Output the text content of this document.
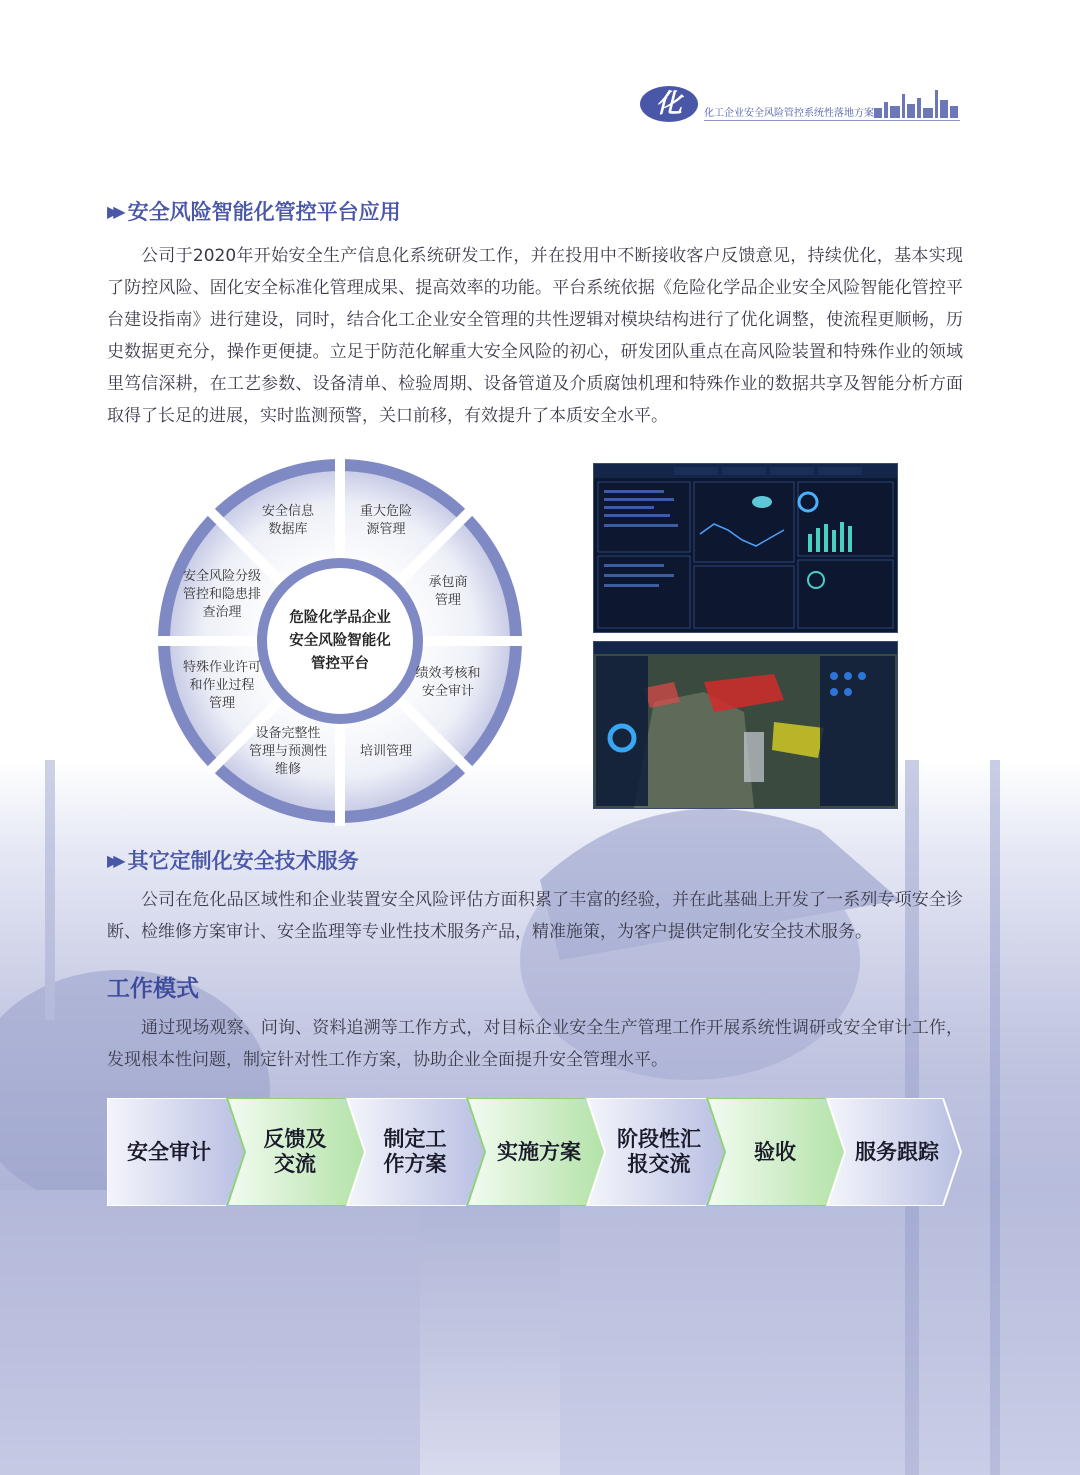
化	化工企业安全风险管控系统性落地方案
▶▶ 安全风险智能化管控平台应用

公司于2020年开始安全生产信息化系统研发工作，并在投用中不断接收客户反馈意见，持续优化，基本实现了防控风险、固化安全标准化管理成果、提高效率的功能。平台系统依据《危险化学品企业安全风险智能化管控平台建设指南》进行建设，同时，结合化工企业安全管理的共性逻辑对模块结构进行了优化调整，使流程更顺畅，历史数据更充分，操作更便捷。立足于防范化解重大安全风险的初心，研发团队重点在高风险装置和特殊作业的领域里笃信深耕，在工艺参数、设备清单、检验周期、设备管道及介质腐蚀机理和特殊作业的数据共享及智能分析方面取得了长足的进展，实时监测预警，关口前移，有效提升了本质安全水平。

危险化学品企业
安全风险智能化
管控平台
重大危险
源管理
承包商
管理
绩效考核和
安全审计
培训管理
设备完整性
管理与预测性
维修
特殊作业许可
和作业过程
管理
安全风险分级
管控和隐患排
查治理
安全信息
数据库
▶▶ 其它定制化安全技术服务

公司在危化品区域性和企业装置安全风险评估方面积累了丰富的经验，并在此基础上开发了一系列专项安全诊断、检维修方案审计、安全监理等专业性技术服务产品，精准施策，为客户提供定制化安全技术服务。

工作模式

通过现场观察、问询、资料追溯等工作方式，对目标企业安全生产管理工作开展系统性调研或安全审计工作，发现根本性问题，制定针对性工作方案，协助企业全面提升安全管理水平。

安全审计
反馈及
交流
制定工
作方案
实施方案
阶段性汇
报交流
验收	服务跟踪
